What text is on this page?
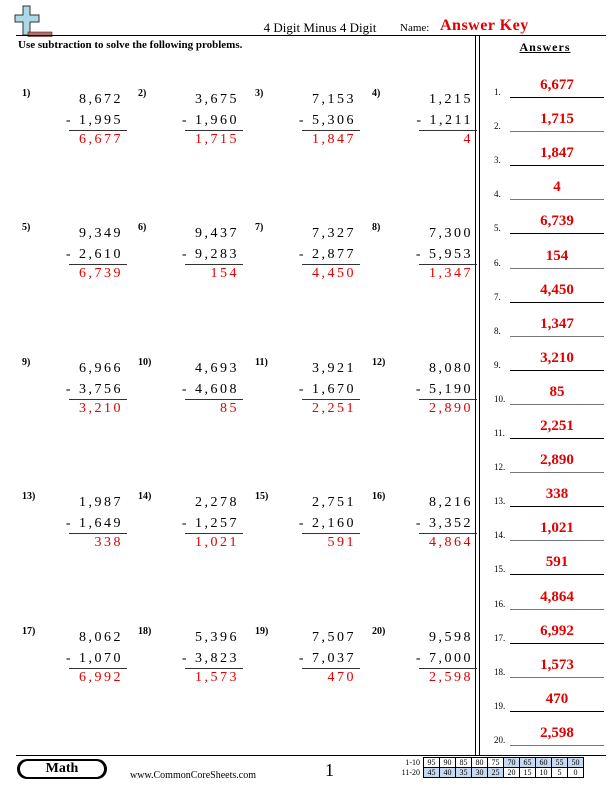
4 Digit Minus 4 Digit	Name: Answer Key
Use subtraction to solve the following problems.	Answers
1)	8,672
- 1,995
6,677
2)	3,675
- 1,960
1,715
3)	7,153
- 5,306
1,847
4)	1,215
- 1,211
4
5)	9,349
- 2,610
6,739
6)	9,437
- 9,283
154
7)	7,327
- 2,877
4,450
8)	7,300
- 5,953
1,347
9)	6,966
- 3,756
3,210
10)	4,693
- 4,608
85
11)	3,921
- 1,670
2,251
12)	8,080
- 5,190
2,890
13)	1,987
- 1,649
338
14)	2,278
- 1,257
1,021
15)	2,751
- 2,160
591
16)	8,216
- 3,352
4,864
17)	8,062
- 1,070
6,992
18)	5,396
- 3,823
1,573
19)	7,507
- 7,037
470
20)	9,598
- 7,000
2,598
1.	6,677
2.	1,715
3.	1,847
4.	4
5.	6,739
6.	154
7.	4,450
8.	1,347
9.	3,210
10.	85
11.	2,251
12.	2,890
13.	338
14.	1,021
15.	591
16.	4,864
17.	6,992
18.	1,573
19.	470
20.	2,598
Math	www.CommonCoreSheets.com	1	1-10	95	90	85	80	75	70	65	60	55	50
11-20	45	40	35	30	25	20	15	10	5	0
